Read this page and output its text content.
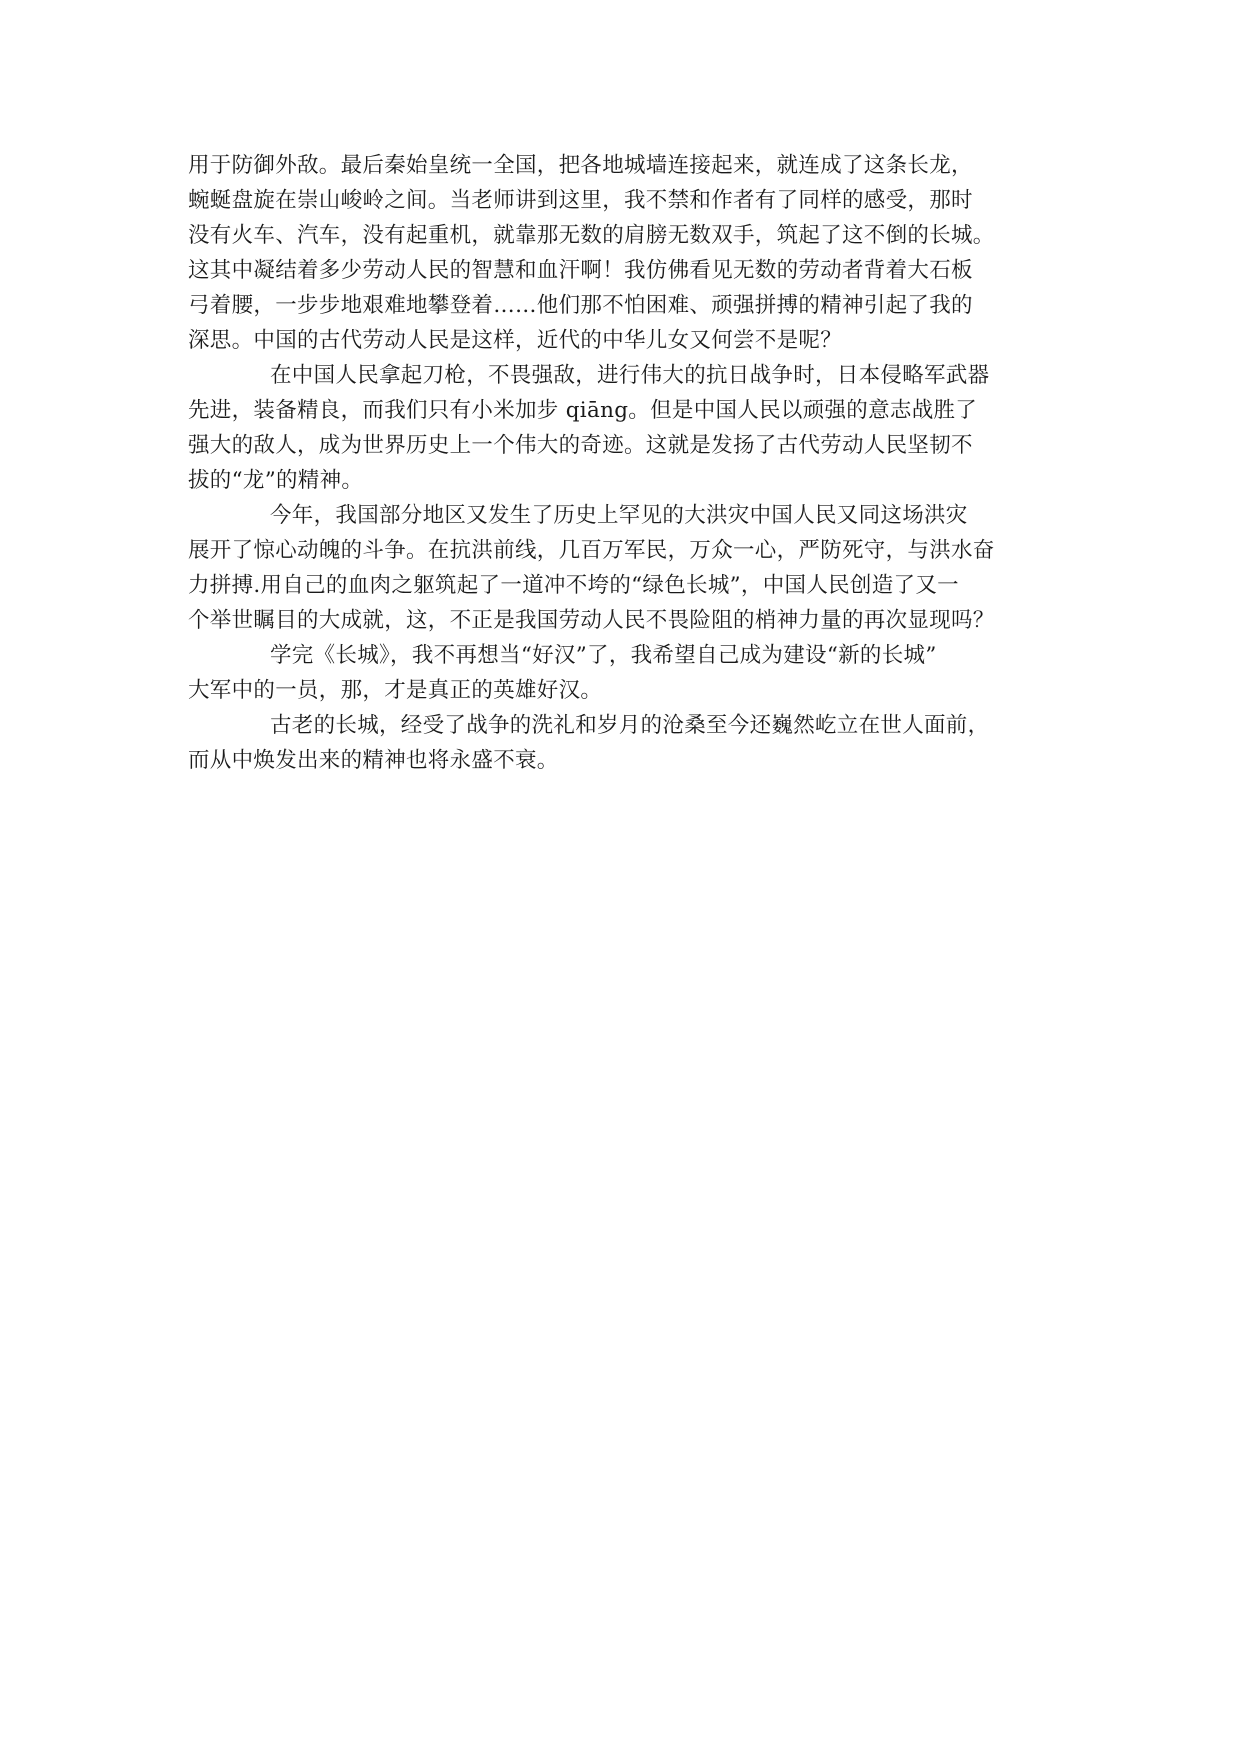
用于防御外敌。最后秦始皇统一全国，把各地城墙连接起来，就连成了这条长龙，
蜿蜒盘旋在崇山峻岭之间。当老师讲到这里，我不禁和作者有了同样的感受，那时
没有火车、汽车，没有起重机，就靠那无数的肩膀无数双手，筑起了这不倒的长城。
这其中凝结着多少劳动人民的智慧和血汗啊！我仿佛看见无数的劳动者背着大石板
弓着腰，一步步地艰难地攀登着……他们那不怕困难、顽强拼搏的精神引起了我的
深思。中国的古代劳动人民是这样，近代的中华儿女又何尝不是呢？
在中国人民拿起刀枪，不畏强敌，进行伟大的抗日战争时，日本侵略军武器
先进，装备精良，而我们只有小米加步 qiāng。但是中国人民以顽强的意志战胜了
强大的敌人，成为世界历史上一个伟大的奇迹。这就是发扬了古代劳动人民坚韧不
拔的“龙”的精神。
今年，我国部分地区又发生了历史上罕见的大洪灾中国人民又同这场洪灾
展开了惊心动魄的斗争。在抗洪前线，几百万军民，万众一心，严防死守，与洪水奋
力拼搏.用自己的血肉之躯筑起了一道冲不垮的“绿色长城”，中国人民创造了又一
个举世瞩目的大成就，这，不正是我国劳动人民不畏险阻的梢神力量的再次显现吗？
学完《长城》，我不再想当“好汉”了，我希望自己成为建设“新的长城”
大军中的一员，那，才是真正的英雄好汉。
古老的长城，经受了战争的洗礼和岁月的沧桑至今还巍然屹立在世人面前，
而从中焕发出来的精神也将永盛不衰。
